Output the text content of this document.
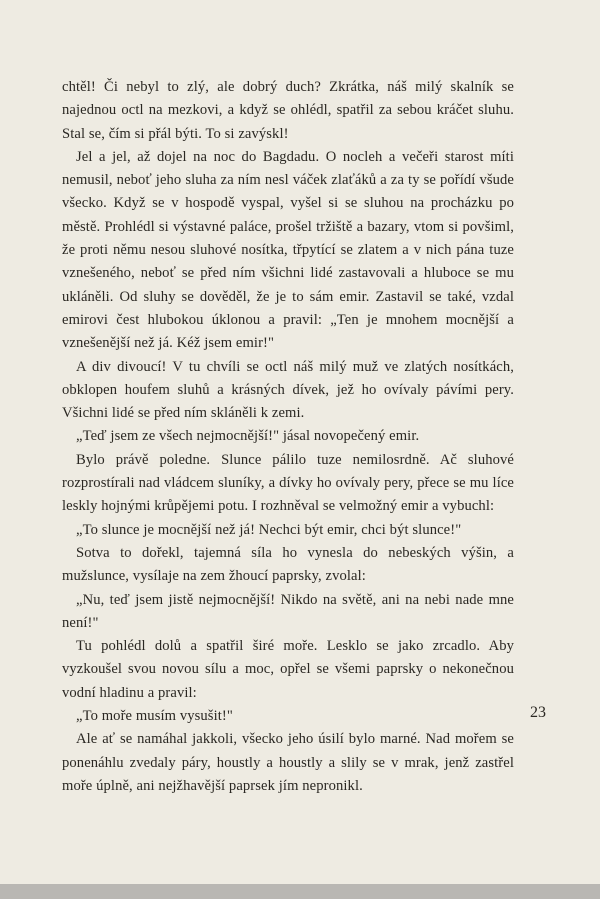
chtěl! Či nebyl to zlý, ale dobrý duch? Zkrátka, náš milý skalník se najednou octl na mezkovi, a když se ohlédl, spatřil za sebou kráčet sluhu. Stal se, čím si přál býti. To si zavýskl!

Jel a jel, až dojel na noc do Bagdadu. O nocleh a večeři starost míti nemusil, neboť jeho sluha za ním nesl váček zlaťáků a za ty se pořídí všude všecko. Když se v hospodě vyspal, vyšel si se sluhou na procházku po městě. Prohlédl si výstavné paláce, prošel tržiště a bazary, vtom si povšiml, že proti němu nesou sluhové nosítka, třpytící se zlatem a v nich pána tuze vznešeného, neboť se před ním všichni lidé zastavovali a hluboce se mu ukláněli. Od sluhy se dověděl, že je to sám emir. Zastavil se také, vzdal emirovi čest hlubokou úklonou a pravil: „Ten je mnohem mocnější a vznešenější než já. Kéž jsem emir!"

A div divoucí! V tu chvíli se octl náš milý muž ve zlatých nosítkách, obklopen houfem sluhů a krásných dívek, jež ho ovívaly pávími pery. Všichni lidé se před ním skláněli k zemi.

„Teď jsem ze všech nejmocnější!" jásal novopečený emir.

Bylo právě poledne. Slunce pálilo tuze nemilosrdně. Ač sluhové rozprostírali nad vládcem sluníky, a dívky ho ovívaly pery, přece se mu líce leskly hojnými krůpějemi potu. I rozhněval se velmožný emir a vybuchl:

„To slunce je mocnější než já! Nechci být emir, chci být slunce!"

Sotva to dořekl, tajemná síla ho vynesla do nebeských výšin, a mužslunce, vysílaje na zem žhoucí paprsky, zvolal:

„Nu, teď jsem jistě nejmocnější! Nikdo na světě, ani na nebi nade mne není!"

Tu pohlédl dolů a spatřil širé moře. Lesklo se jako zrcadlo. Aby vyzkoušel svou novou sílu a moc, opřel se všemi paprsky o nekonečnou vodní hladinu a pravil:

„To moře musím vysušit!"

Ale ať se namáhal jakkoli, všecko jeho úsilí bylo marné. Nad mořem se ponenáhlu zvedaly páry, houstly a houstly a slily se v mrak, jenž zastřel moře úplně, ani nejžhavější paprsek jím nepronikl.

23
